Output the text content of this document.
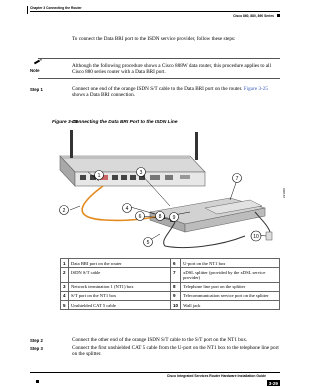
Chapter 3 Connecting the Router
Cisco 860, 880, 890 Series
To connect the Data BRI port to the ISDN service provider, follow these steps:
Note
Although the following procedure shows a Cisco 888W data router, this procedure applies to all Cisco 880 series router with a Data BRI port.
Step 1	Connect one end of the orange ISDN S/T cable to the Data BRI port on the router. Figure 3-25 shows a Data BRI connection.
Figure 3-25
Connecting the Data BRI Port to the ISDN Line
1
2
3
4
5
6
7
8 9
10
231960
1	Data BRI port on the router	6	U-port on the NT1 box
2	ISDN S/T cable	7	xDSL splitter (provided by the xDSL service provider)
3	Network termination 1 (NT1) box	8	Telephone line port on the splitter
4	S/T port on the NT1 box	9	Telecommunication service port on the splitter
5	Unshielded CAT 5 cable	10	Wall jack
Step 2	Connect the other end of the orange ISDN S/T cable to the S/T port on the NT1 box.
Step 3	Connect the first unshielded CAT 5 cable from the U-port on the NT1 box to the telephone line port on the splitter.
Cisco Integrated Services Router Hardware Installation Guide
3-29
